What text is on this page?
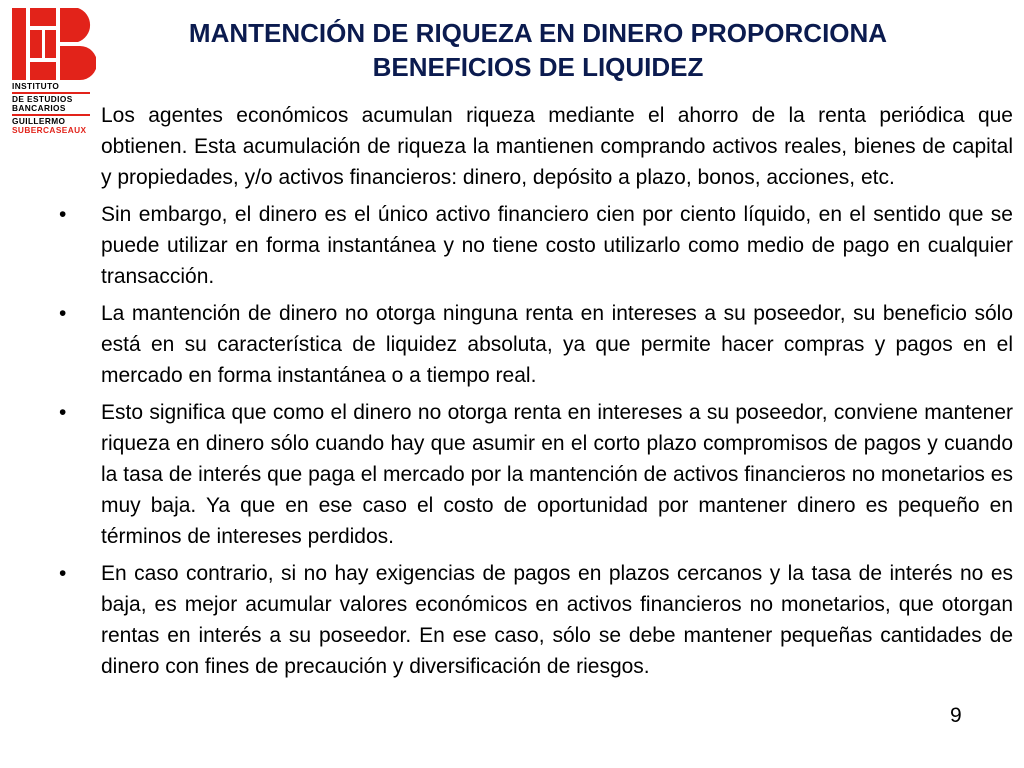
INSTITUTO
DE ESTUDIOS
BANCARIOS
GUILLERMO
SUBERCASEAUX
MANTENCIÓN DE RIQUEZA EN DINERO PROPORCIONA
BENEFICIOS DE LIQUIDEZ

Los agentes económicos acumulan riqueza mediante el ahorro de la renta periódica que obtienen. Esta acumulación de riqueza la mantienen comprando activos reales, bienes de capital y propiedades, y/o activos financieros: dinero, depósito a plazo, bonos, acciones, etc.

• Sin embargo, el dinero es el único activo financiero cien por ciento líquido, en el sentido que se puede utilizar en forma instantánea y no tiene costo utilizarlo como medio de pago en cualquier transacción.

• La mantención de dinero no otorga ninguna renta en intereses a su poseedor, su beneficio sólo está en su característica de liquidez absoluta, ya que permite hacer compras y pagos en el mercado en forma instantánea o a tiempo real.

• Esto significa que como el dinero no otorga renta en intereses a su poseedor, conviene mantener riqueza en dinero sólo cuando hay que asumir en el corto plazo compromisos de pagos y cuando la tasa de interés que paga el mercado por la mantención de activos financieros no monetarios es muy baja. Ya que en ese caso el costo de oportunidad por mantener dinero es pequeño en términos de intereses perdidos.

• En caso contrario, si no hay exigencias de pagos en plazos cercanos y la tasa de interés no es baja, es mejor acumular valores económicos en activos financieros no monetarios, que otorgan rentas en interés a su poseedor. En ese caso, sólo se debe mantener pequeñas cantidades de dinero con fines de precaución y diversificación de riesgos.

9
